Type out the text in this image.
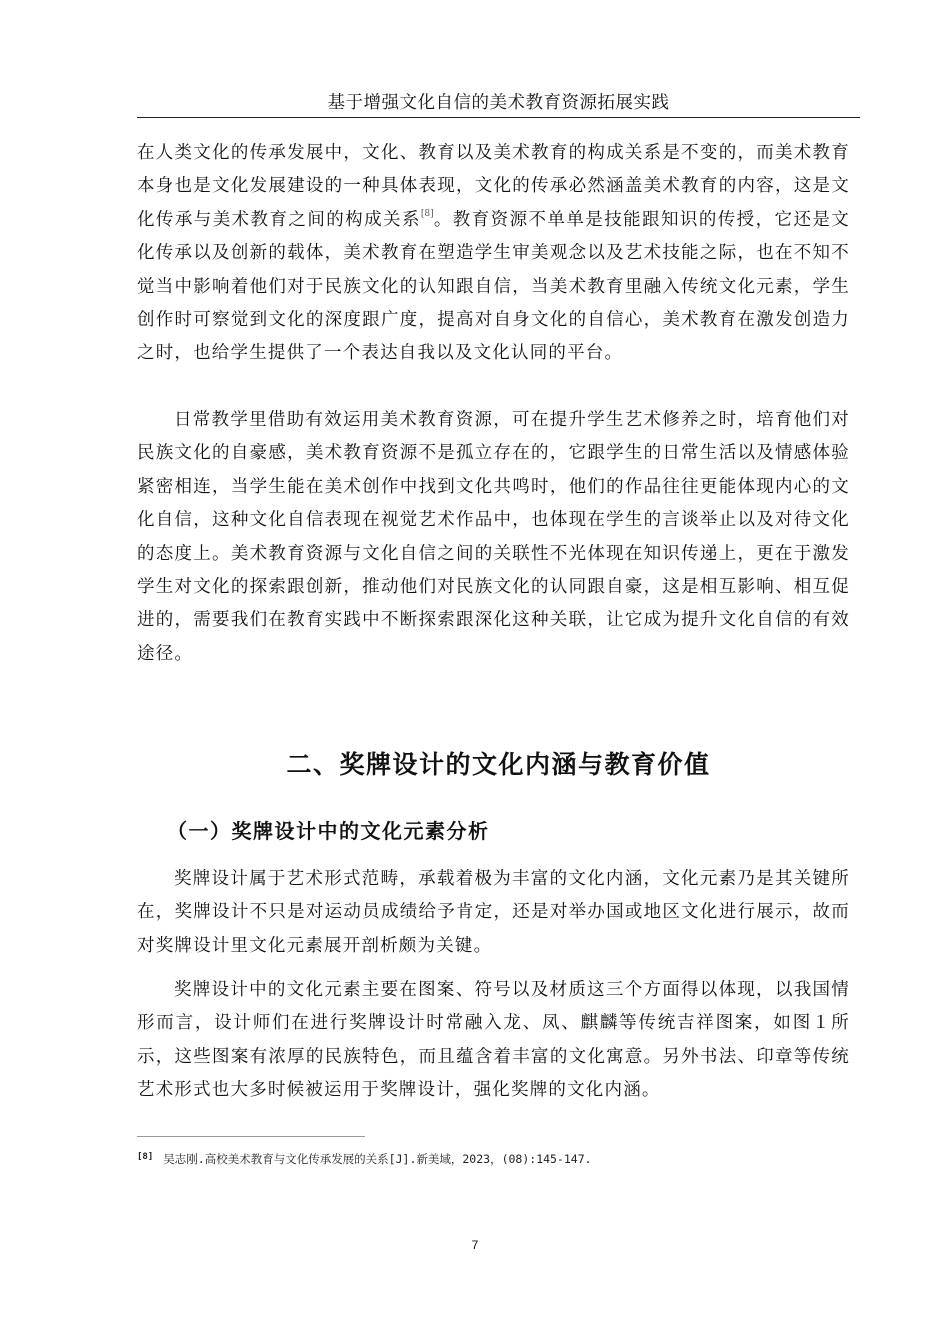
基于增强文化自信的美术教育资源拓展实践

在人类文化的传承发展中，文化、教育以及美术教育的构成关系是不变的，而美术教育本身也是文化发展建设的一种具体表现，文化的传承必然涵盖美术教育的内容，这是文化传承与美术教育之间的构成关系[8]。教育资源不单单是技能跟知识的传授，它还是文化传承以及创新的载体，美术教育在塑造学生审美观念以及艺术技能之际，也在不知不觉当中影响着他们对于民族文化的认知跟自信，当美术教育里融入传统文化元素，学生创作时可察觉到文化的深度跟广度，提高对自身文化的自信心，美术教育在激发创造力之时，也给学生提供了一个表达自我以及文化认同的平台。

日常教学里借助有效运用美术教育资源，可在提升学生艺术修养之时，培育他们对民族文化的自豪感，美术教育资源不是孤立存在的，它跟学生的日常生活以及情感体验紧密相连，当学生能在美术创作中找到文化共鸣时，他们的作品往往更能体现内心的文化自信，这种文化自信表现在视觉艺术作品中，也体现在学生的言谈举止以及对待文化的态度上。美术教育资源与文化自信之间的关联性不光体现在知识传递上，更在于激发学生对文化的探索跟创新，推动他们对民族文化的认同跟自豪，这是相互影响、相互促进的，需要我们在教育实践中不断探索跟深化这种关联，让它成为提升文化自信的有效途径。

二、奖牌设计的文化内涵与教育价值
（一）奖牌设计中的文化元素分析

奖牌设计属于艺术形式范畴，承载着极为丰富的文化内涵，文化元素乃是其关键所在，奖牌设计不只是对运动员成绩给予肯定，还是对举办国或地区文化进行展示，故而对奖牌设计里文化元素展开剖析颇为关键。

奖牌设计中的文化元素主要在图案、符号以及材质这三个方面得以体现，以我国情形而言，设计师们在进行奖牌设计时常融入龙、凤、麒麟等传统吉祥图案，如图１所示，这些图案有浓厚的民族特色，而且蕴含着丰富的文化寓意。另外书法、印章等传统艺术形式也大多时候被运用于奖牌设计，强化奖牌的文化内涵。

[8] 吴志刚.高校美术教育与文化传承发展的关系[J].新美域，2023，(08):145-147.

7
